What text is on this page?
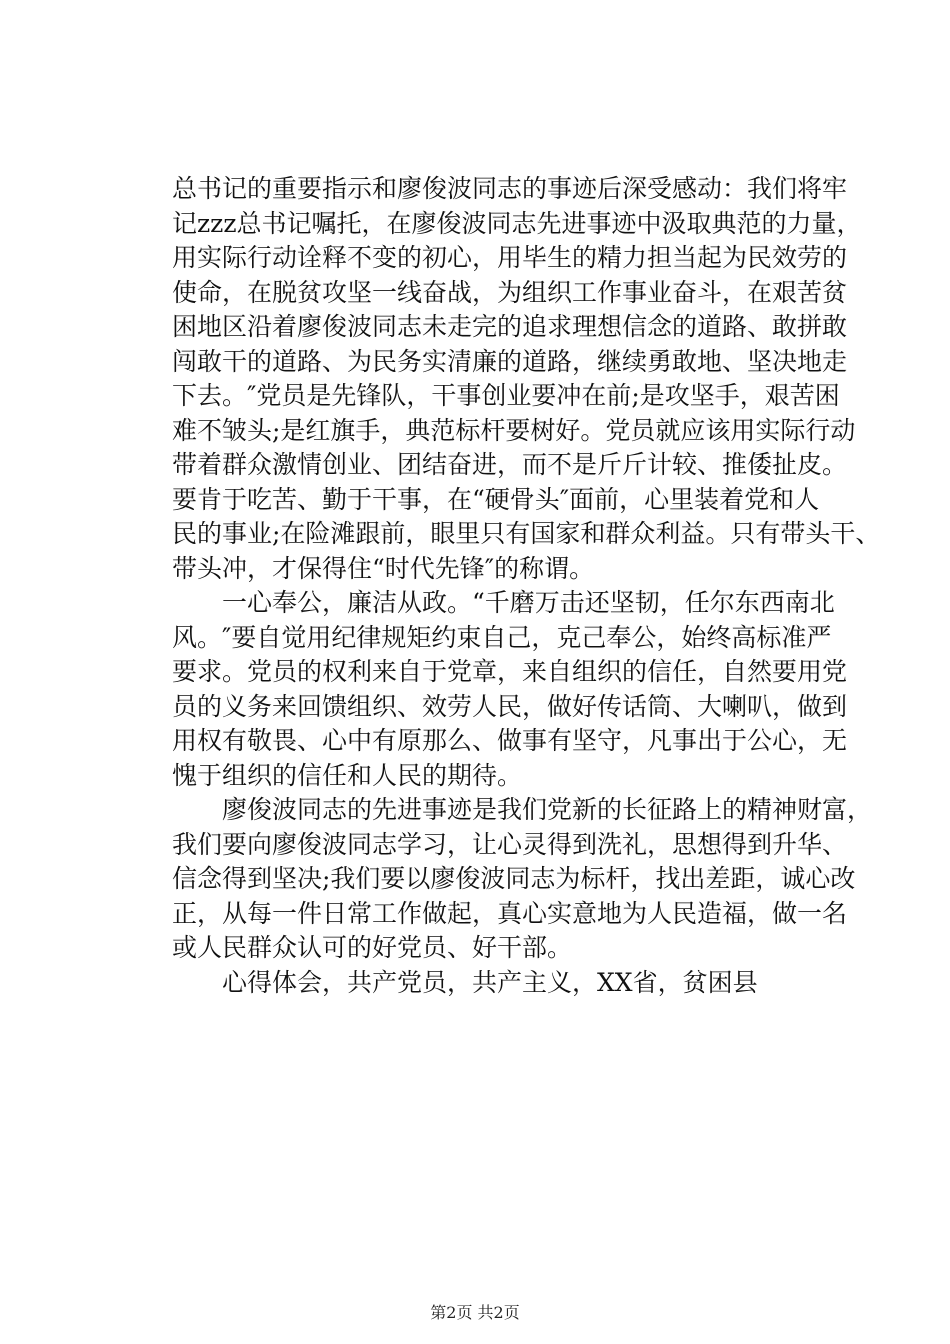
总书记的重要指示和廖俊波同志的事迹后深受感动：我们将牢
记zzz总书记嘱托，在廖俊波同志先进事迹中汲取典范的力量，
用实际行动诠释不变的初心，用毕生的精力担当起为民效劳的
使命，在脱贫攻坚一线奋战，为组织工作事业奋斗，在艰苦贫
困地区沿着廖俊波同志未走完的追求理想信念的道路、敢拼敢
闯敢干的道路、为民务实清廉的道路，继续勇敢地、坚决地走
下去。″党员是先锋队，干事创业要冲在前;是攻坚手，艰苦困
难不皱头;是红旗手，典范标杆要树好。党员就应该用实际行动
带着群众激情创业、团结奋进，而不是斤斤计较、推倭扯皮。
要肯于吃苦、勤于干事，在“硬骨头″面前，心里装着党和人
民的事业;在险滩跟前，眼里只有国家和群众利益。只有带头干、
带头冲，才保得住“时代先锋″的称谓。
　　一心奉公，廉洁从政。“千磨万击还坚韧，任尔东西南北
风。″要自觉用纪律规矩约束自己，克己奉公，始终高标准严
要求。党员的权利来自于党章，来自组织的信任，自然要用党
员的义务来回馈组织、效劳人民，做好传话筒、大喇叭，做到
用权有敬畏、心中有原那么、做事有坚守，凡事出于公心，无
愧于组织的信任和人民的期待。
　　廖俊波同志的先进事迹是我们党新的长征路上的精神财富，
我们要向廖俊波同志学习，让心灵得到洗礼，思想得到升华、
信念得到坚决;我们要以廖俊波同志为标杆，找出差距，诚心改
正，从每一件日常工作做起，真心实意地为人民造福，做一名
或人民群众认可的好党员、好干部。
　　心得体会，共产党员，共产主义，XX省，贫困县
第2页 共2页
